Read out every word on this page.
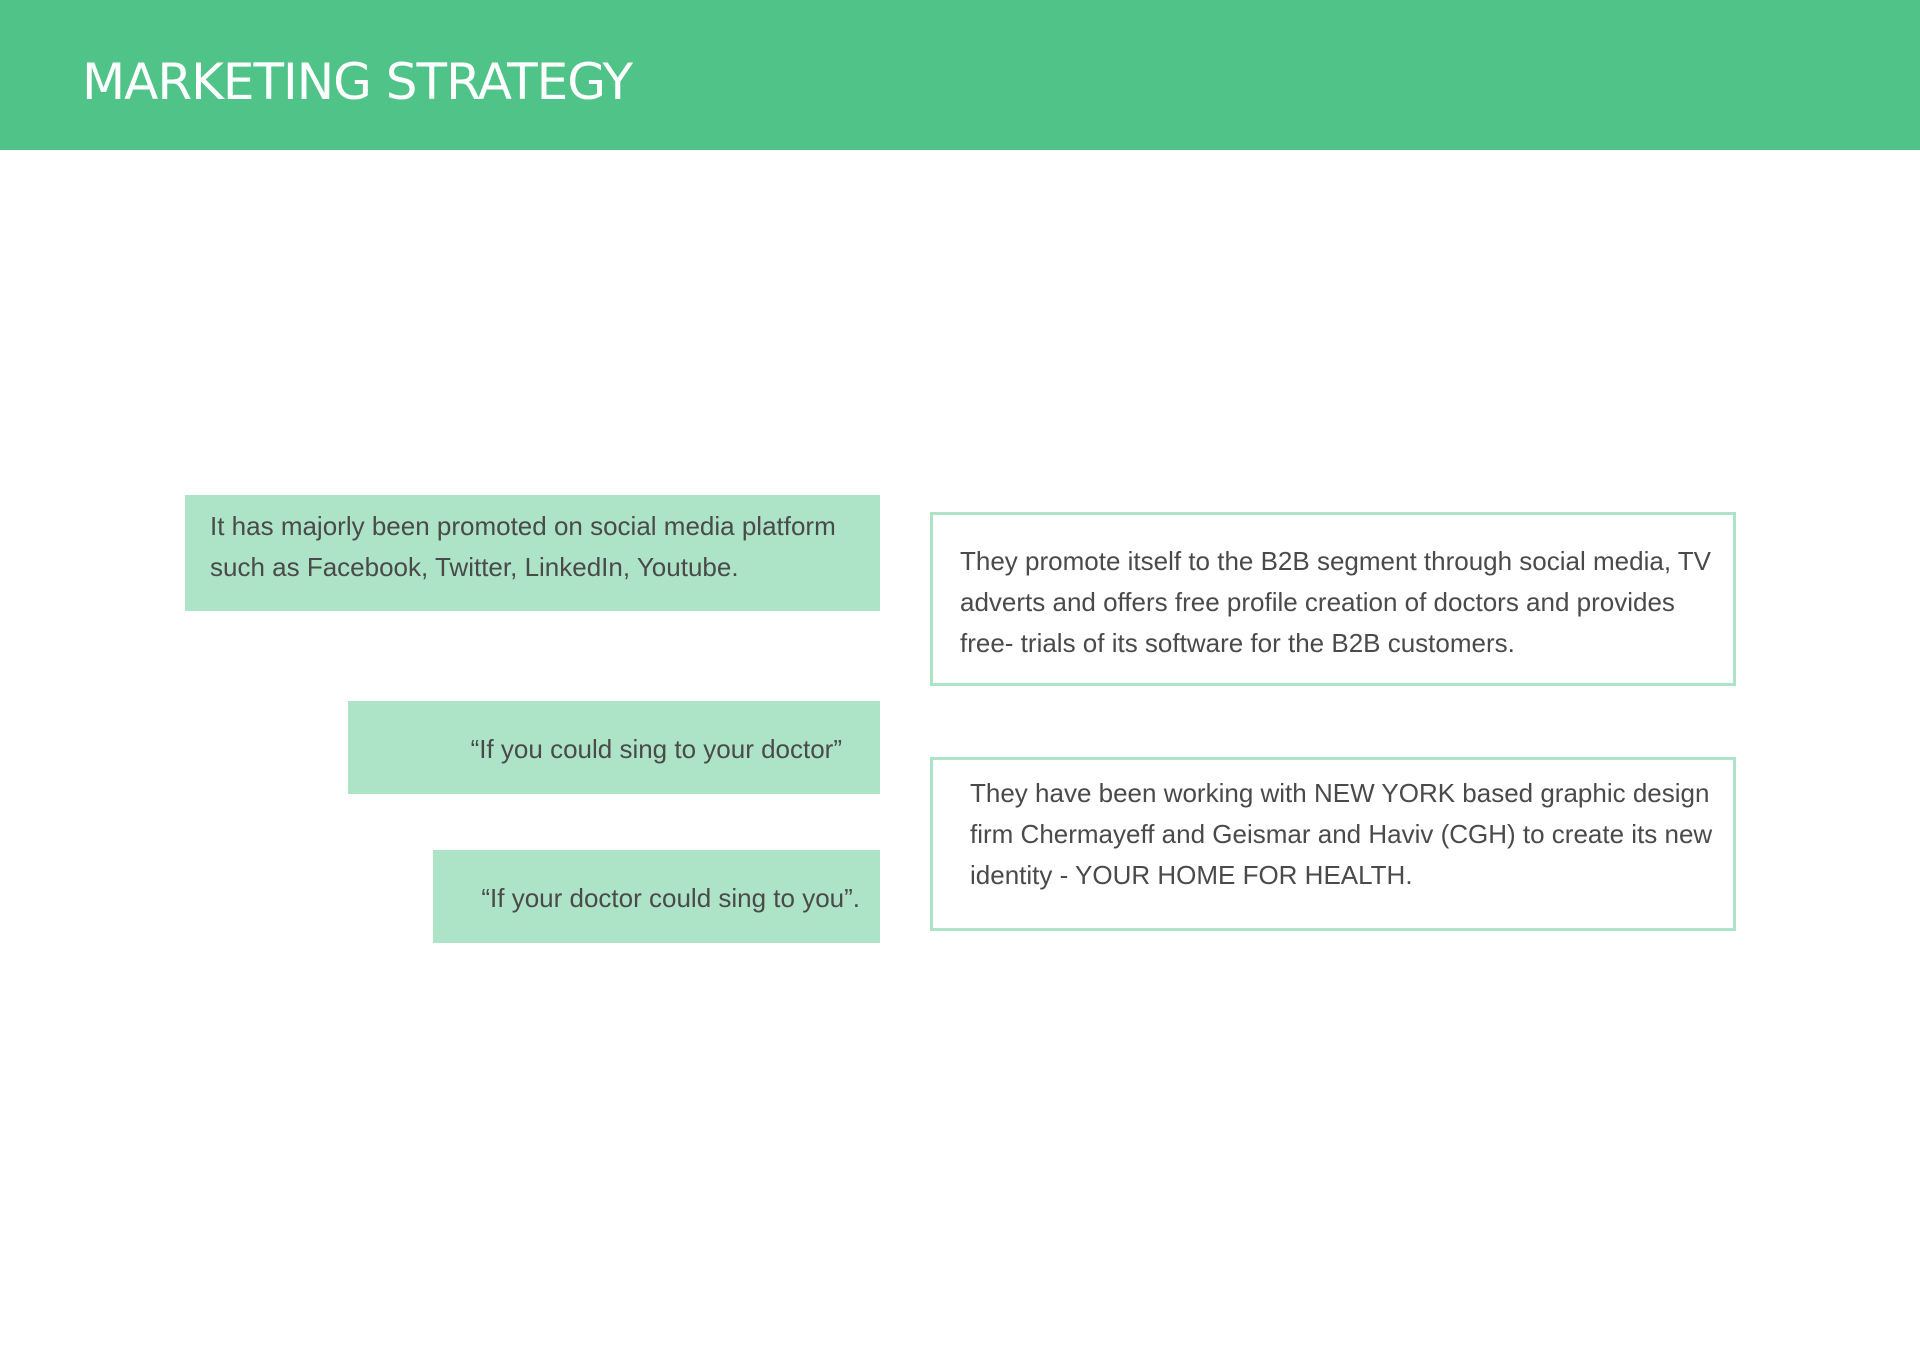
MARKETING STRATEGY

It has majorly been promoted on social media platform such as Facebook, Twitter, LinkedIn, Youtube.

“If you could sing to your doctor”

“If your doctor could sing to you”.

They promote itself to the B2B segment through social media, TV adverts and offers free profile creation of doctors and provides free- trials of its software for the B2B customers.

They have been working with NEW YORK based graphic design firm Chermayeff and Geismar and Haviv (CGH) to create its new identity - YOUR HOME FOR HEALTH.
